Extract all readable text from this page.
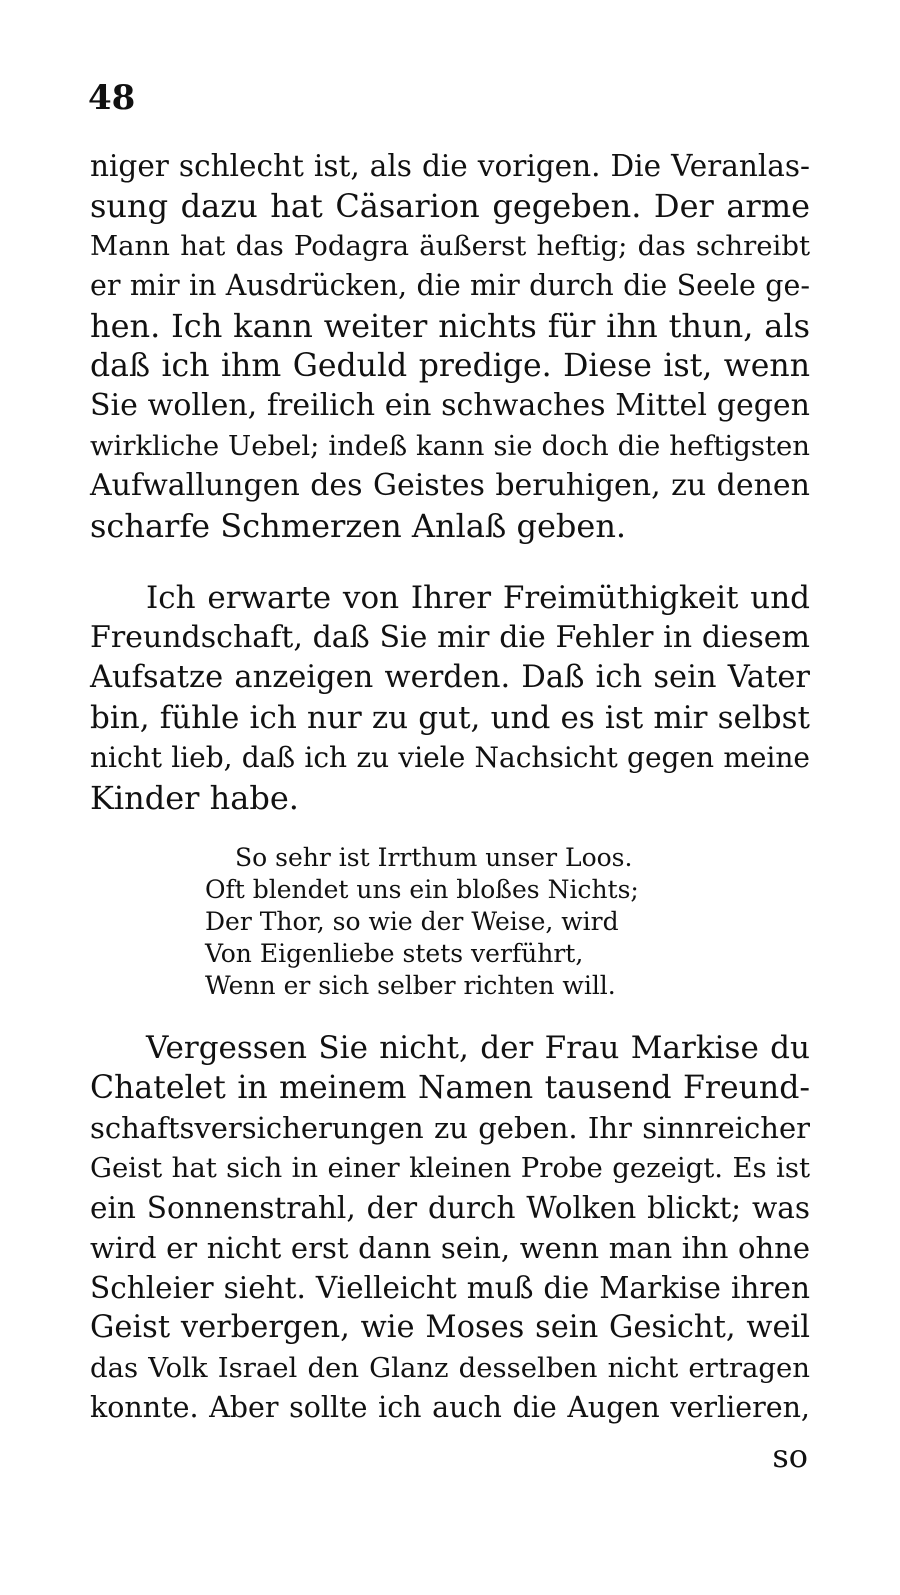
48
niger schlecht ist, als die vorigen. Die Veranlas-
sung dazu hat Cäsarion gegeben. Der arme
Mann hat das Podagra äußerst heftig; das schreibt
er mir in Ausdrücken, die mir durch die Seele ge-
hen. Ich kann weiter nichts für ihn thun, als
daß ich ihm Geduld predige. Diese ist, wenn
Sie wollen, freilich ein schwaches Mittel gegen
wirkliche Uebel; indeß kann sie doch die heftigsten
Aufwallungen des Geistes beruhigen, zu denen
scharfe Schmerzen Anlaß geben.
Ich erwarte von Ihrer Freimüthigkeit und
Freundschaft, daß Sie mir die Fehler in diesem
Aufsatze anzeigen werden. Daß ich sein Vater
bin, fühle ich nur zu gut, und es ist mir selbst
nicht lieb, daß ich zu viele Nachsicht gegen meine
Kinder habe.
So sehr ist Irrthum unser Loos.
Oft blendet uns ein bloßes Nichts;
Der Thor, so wie der Weise, wird
Von Eigenliebe stets verführt,
Wenn er sich selber richten will.
Vergessen Sie nicht, der Frau Markise du
Chatelet in meinem Namen tausend Freund-
schaftsversicherungen zu geben. Ihr sinnreicher
Geist hat sich in einer kleinen Probe gezeigt. Es ist
ein Sonnenstrahl, der durch Wolken blickt; was
wird er nicht erst dann sein, wenn man ihn ohne
Schleier sieht. Vielleicht muß die Markise ihren
Geist verbergen, wie Moses sein Gesicht, weil
das Volk Israel den Glanz desselben nicht ertragen
konnte. Aber sollte ich auch die Augen verlieren,
so
